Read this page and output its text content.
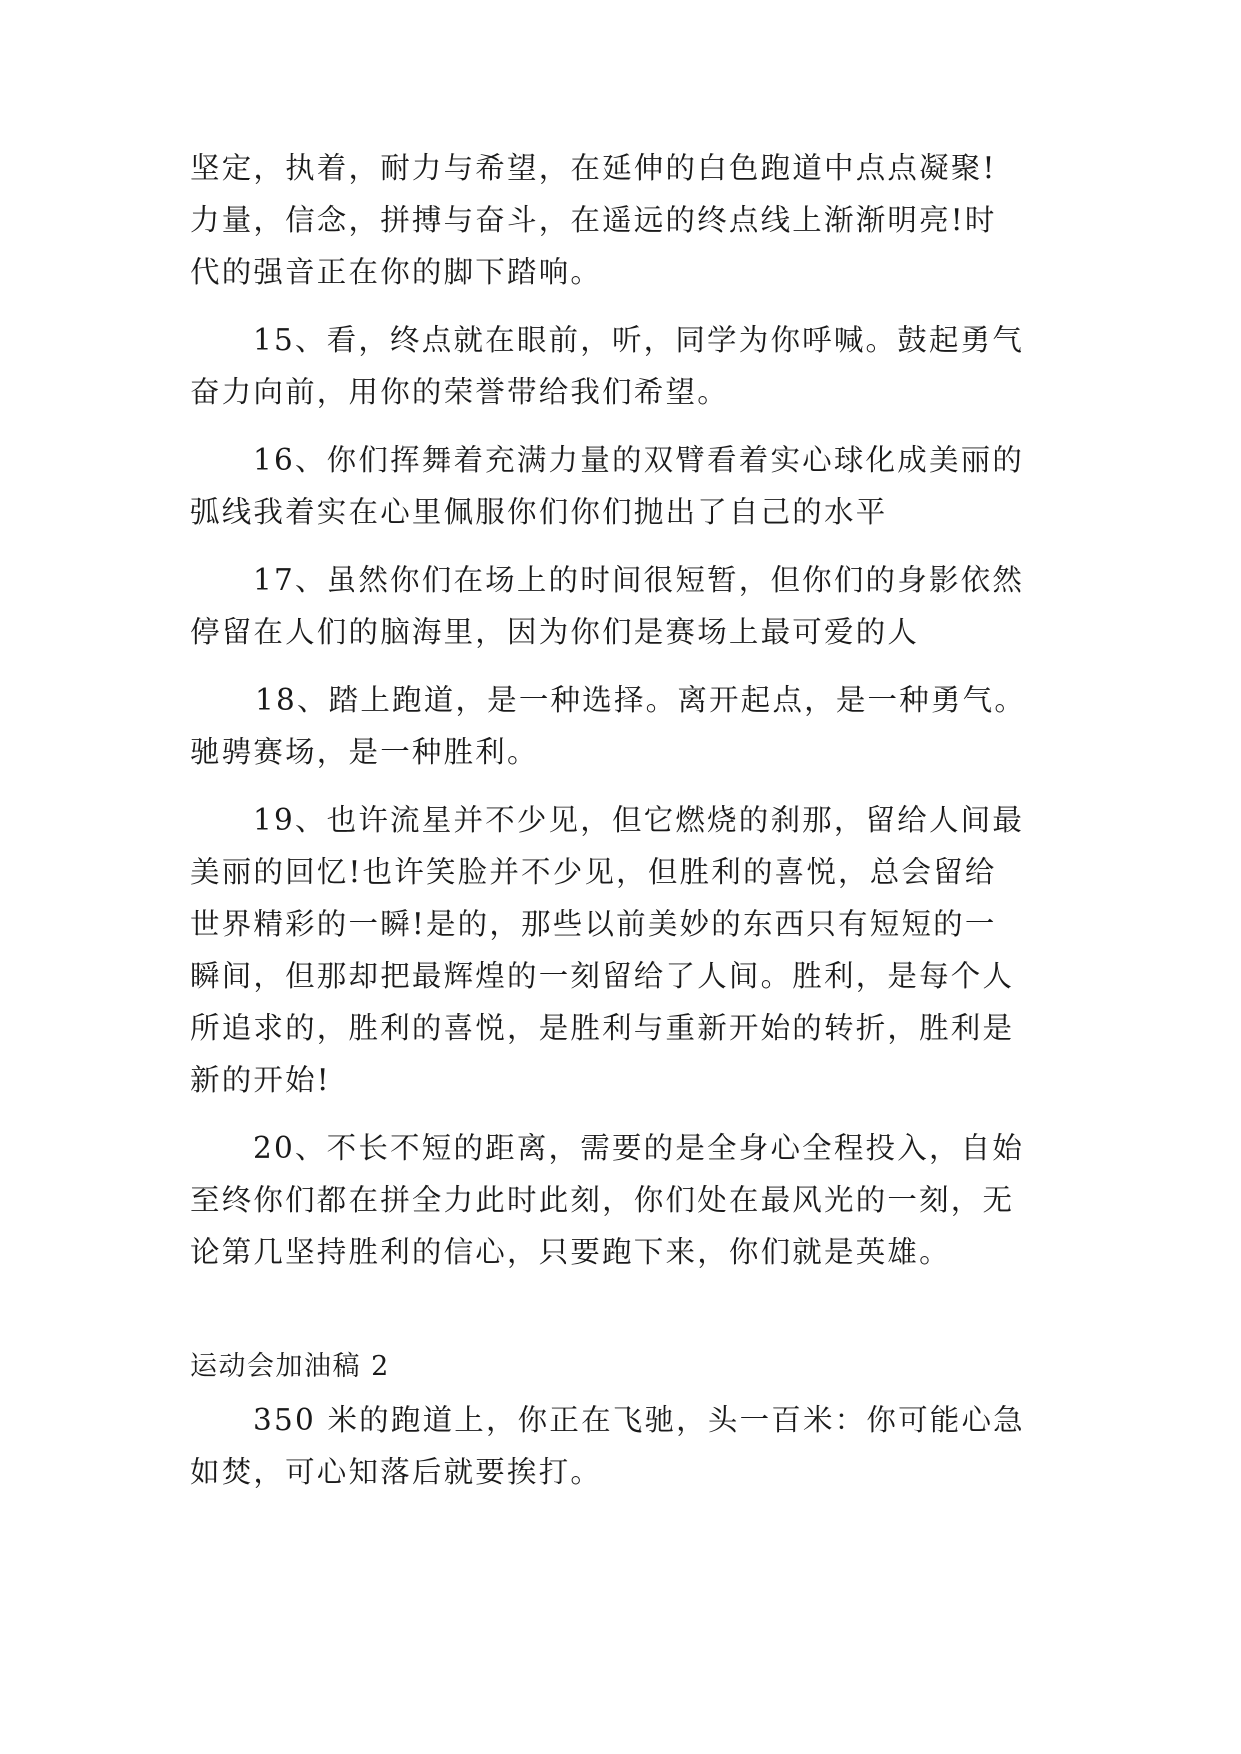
坚定，执着，耐力与希望，在延伸的白色跑道中点点凝聚!
力量，信念，拼搏与奋斗，在遥远的终点线上渐渐明亮!时
代的强音正在你的脚下踏响。
15、看，终点就在眼前，听，同学为你呼喊。鼓起勇气
奋力向前，用你的荣誉带给我们希望。
16、你们挥舞着充满力量的双臂看着实心球化成美丽的
弧线我着实在心里佩服你们你们抛出了自己的水平
17、虽然你们在场上的时间很短暂，但你们的身影依然
停留在人们的脑海里，因为你们是赛场上最可爱的人
18、踏上跑道，是一种选择。离开起点，是一种勇气。
驰骋赛场，是一种胜利。
19、也许流星并不少见，但它燃烧的刹那，留给人间最
美丽的回忆!也许笑脸并不少见，但胜利的喜悦，总会留给
世界精彩的一瞬!是的，那些以前美妙的东西只有短短的一
瞬间，但那却把最辉煌的一刻留给了人间。胜利，是每个人
所追求的，胜利的喜悦，是胜利与重新开始的转折，胜利是
新的开始!
20、不长不短的距离，需要的是全身心全程投入，自始
至终你们都在拼全力此时此刻，你们处在最风光的一刻，无
论第几坚持胜利的信心，只要跑下来，你们就是英雄。
运动会加油稿 2
350 米的跑道上，你正在飞驰，头一百米：你可能心急
如焚，可心知落后就要挨打。
